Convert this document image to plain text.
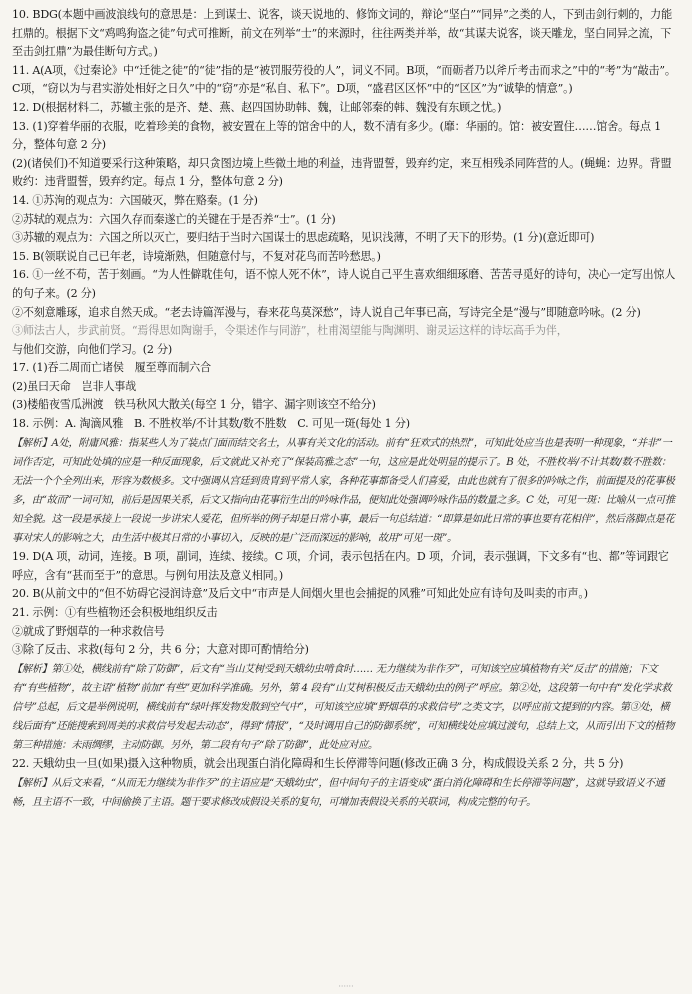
10. BDG(本题中画波浪线句的意思是：上到谋士、说客，谈天说地的、修饰文词的，辩论“坚白”“同异”之类的人，下到击剑行刺的，力能扛鼎的。根据下文“鸡鸣狗盗之徒”句式可推断，前文在列举“士”的来源时，往往两类并举，故“其谋夫说客，谈天雕龙，坚白同异之流，下至击剑扛鼎”为最佳断句方式。)

11. A(A项，《过秦论》中“迁徙之徒”的“徒”指的是“被罚服劳役的人”，词义不同。B项，“而砺者乃以斧斤考击而求之”中的“考”为“敲击”。C项，“窃以为与君实游处相好之日久”中的“窃”亦是“私自、私下”。D项，“盛君区区怀”中的“区区”为“诚挚的情意”。)

12. D(根据材料二，苏辙主张的是齐、楚、燕、赵四国协助韩、魏，让邮邻秦的韩、魏没有东顾之忧。)

13. (1)穿着华丽的衣服，吃着珍美的食物，被安置在上等的馆舍中的人，数不清有多少。(靡：华丽的。馆：被安置住……馆舍。每点 1 分，整体句意 2 分)
(2)(诸侯们)不知道要采行这种策略，却只贪图边境上些微土地的利益，违背盟誓，毁弃约定，来互相残杀同阵营的人。(蝇蝇：边界。背盟败约：违背盟誓，毁弃约定。每点 1 分，整体句意 2 分)
14. ①苏洵的观点为：六国破灭，弊在赂秦。(1 分)
②苏轼的观点为：六国久存而秦遂亡的关键在于是否养“士”。(1 分)
③苏辙的观点为：六国之所以灭亡，要归结于当时六国谋士的思虑疏略，见识浅薄，不明了天下的形势。(1 分)(意近即可)

15. B(领联说自己已年老，诗境渐熟，但随意付与，不复对花鸟而苦吟愁思。)

16. ①一丝不苟，苦于刻画。“为人性僻耽佳句，语不惊人死不休”，诗人说自己平生喜欢细细琢磨、苦苦寻觅好的诗句，决心一定写出惊人的句子来。(2 分)
②不刻意雕琢，追求自然天成。“老去诗篇浑漫与，春来花鸟莫深愁”，诗人说自己年事已高，写诗完全是“漫与”即随意吟咏。(2 分)
③师法古人，步武前贤。“焉得思如陶谢手，令渠述作与同游”，杜甫渴望能与陶渊明、谢灵运这样的诗坛高手为伴，
与他们交游，向他们学习。(2 分)
17. (1)吞二周而亡诸侯　履至尊而制六合
(2)虽曰天命　岂非人事哉
(3)楼船夜雪瓜洲渡　铁马秋风大散关(每空 1 分，错字、漏字则该空不给分)

18. 示例：A. 淘滴风雅　B. 不胜枚举/不计其数/数不胜数　C. 可见一斑(每处 1 分)

【解析】A处，附庸风雅：指某些人为了装点门面而结交名士，从事有关文化的活动。前有“狂欢式的热烈”，可知此处应当也是表明一种现象，“并非”一词作否定，可知此处填的应是一种反面现象，后文就此又补充了“保装高雅之态”一句，这应是此处明显的提示了。B 处，不胜枚举/不计其数/数不胜数：无法一个个全列出来，形容为数极多。文中强调从宫廷到贵胄到平常人家，各种花事都备受人们喜爱，由此也就有了很多的吟咏之作，前面提及的花事极多，由“故而”一词可知，前后是因果关系，后文又指向由花事衍生出的吟咏作品，便知此处强调吟咏作品的数量之多。C 处，可见一斑：比喻从一点可推知全貌。这一段是承接上一段说一步讲宋人爱花，但所举的例子却是日常小事，最后一句总结道：“即算是如此日常的事也要有花相伴”，然后落脚点是花事对宋人的影响之大，由生活中极其日常的小事切入，反映的是广泛而深远的影响，故用“可见一斑”。

19. D(A 项，动词，连接。B 项，副词，连续、接续。C 项，介词，表示包括在内。D 项，介词，表示强调，下文多有“也、都”等词跟它呼应，含有“甚而至于”的意思。与例句用法及意义相同。)

20. B(从前文中的“但不妨碍它浸润诗意”及后文中“市声是人间烟火里也会捕捉的风雅”可知此处应有诗句及叫卖的市声。)

21. 示例：①有些植物还会积极地组织反击
②就成了野烟草的一种求救信号
③除了反击、求救(每句 2 分，共 6 分；大意对即可酌情给分)

【解析】第①处，横线前有“除了防御”，后文有“当山艾树受到天蛾幼虫啃食时…… 无力继续为非作歹”，可知该空应填植物有关“反击”的措施；下文有“有些植物”，故主语“植物”前加“有些”更加科学准确。另外，第 4 段有“山艾树积极反击天蛾幼虫的例子”呼应。第②处，这段第一句中有“发化学求救信号”总起，后文是举例说明，横线前有“绿叶挥发物发散到空气中”，可知该空应填“野烟草的求救信号”之类文字，以呼应前文提到的内容。第③处，横线后面有“还能搜索到周美的求救信号发起去动态”，得到“情报”，“及时调用自己的防御系统”，可知横线处应填过渡句，总结上文，从而引出下文的植物第三种措施：未雨绸缪，主动防御。另外，第二段有句子“除了防御”，此处应对应。

22. 天蛾幼虫一旦(如果)摄入这种物质，就会出现蛋白消化障碍和生长停滞等问题(修改正确 3 分，构成假设关系 2 分，共 5 分)

【解析】从后文来看，“从而无力继续为非作歹”的主语应是“天蛾幼虫”，但中间句子的主语变成“蛋白消化障碍和生长停滞等问题”，这就导致语义不通畅，且主语不一致，中间偷换了主语。题干要求修改成假设关系的复句，可增加表假设关系的关联词，构成完整的句子。

······
